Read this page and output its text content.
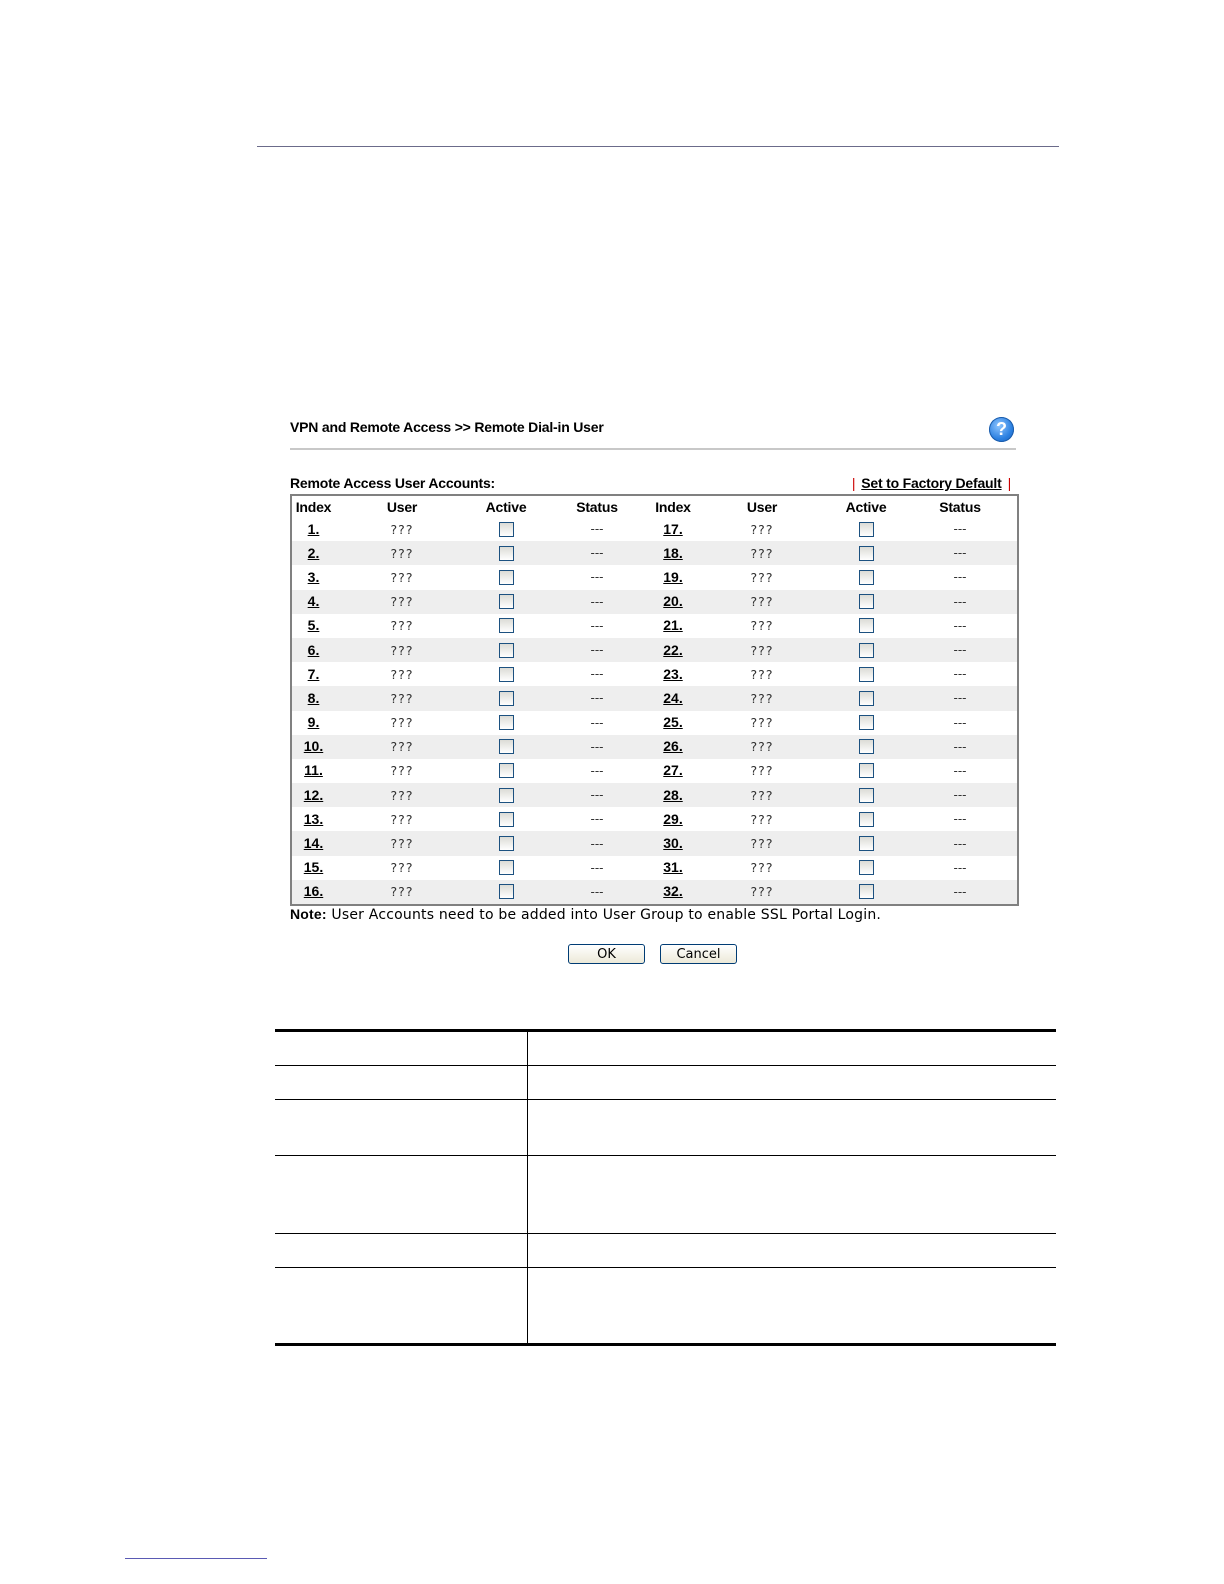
VPN and Remote Access >> Remote Dial-in User	?
Remote Access User Accounts:	| Set to Factory Default |
Index	User	Active	Status	Index	User	Active	Status
1.	???		---	17.	???		---
2.	???		---	18.	???		---
3.	???		---	19.	???		---
4.	???		---	20.	???		---
5.	???		---	21.	???		---
6.	???		---	22.	???		---
7.	???		---	23.	???		---
8.	???		---	24.	???		---
9.	???		---	25.	???		---
10.	???		---	26.	???		---
11.	???		---	27.	???		---
12.	???		---	28.	???		---
13.	???		---	29.	???		---
14.	???		---	30.	???		---
15.	???		---	31.	???		---
16.	???		---	32.	???		---
Note: User Accounts need to be added into User Group to enable SSL Portal Login.
OK	Cancel
